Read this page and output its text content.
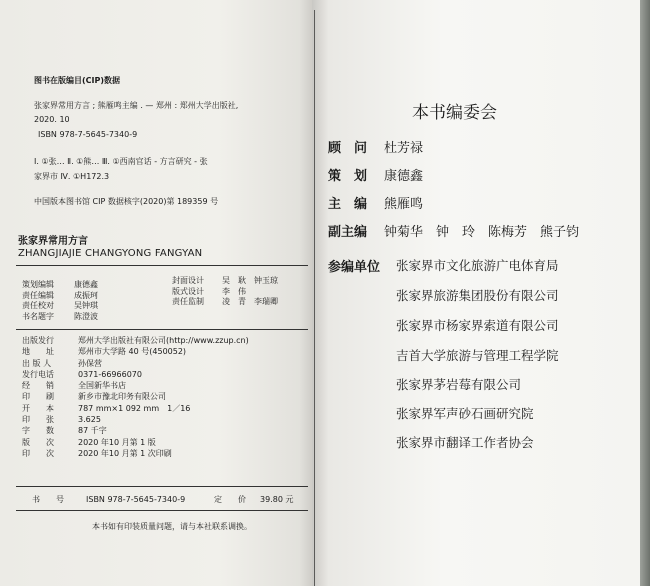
图书在版编目(CIP)数据
张家界常用方言 ; 熊雁鸣主编 . — 郑州 : 郑州大学出版社,
2020. 10
ISBN 978-7-5645-7340-9
Ⅰ. ①张… Ⅱ. ①熊… Ⅲ. ①西南官话 - 方言研究 - 张
家界市 Ⅳ. ①H172.3
中国版本图书馆 CIP 数据核字(2020)第 189359 号
张家界常用方言
ZHANGJIAJIE CHANGYONG FANGYAN
策划编辑	康德鑫
责任编辑	成振珂
责任校对	吴钟琪
书名题字	陈澄波
封面设计 吴　耿　钟玉琼
版式设计 李　伟
责任监制 凌　青　李瑞卿
出版发行	郑州大学出版社有限公司(http://www.zzup.cn)
地　　址	郑州市大学路 40 号(450052)
出 版 人	孙保营
发行电话	0371-66966070
经　　销	全国新华书店
印　　刷	新乡市豫北印务有限公司
开　　本	787 mm×1 092 mm　1／16
印　　张	3.625
字　　数	87 千字
版　　次	2020 年10 月第 1 版
印　　次	2020 年10 月第 1 次印刷
书　　号	ISBN 978-7-5645-7340-9	定　　价 39.80 元
本书如有印装质量问题，请与本社联系调换。
本书编委会
顾　问 杜芳禄
策　划 康德鑫
主　编 熊雁鸣
副主编 钟菊华　钟　玲　陈梅芳　熊子钧
参编单位 张家界市文化旅游广电体育局
张家界旅游集团股份有限公司
张家界市杨家界索道有限公司
吉首大学旅游与管理工程学院
张家界茅岩莓有限公司
张家界军声砂石画研究院
张家界市翻译工作者协会
